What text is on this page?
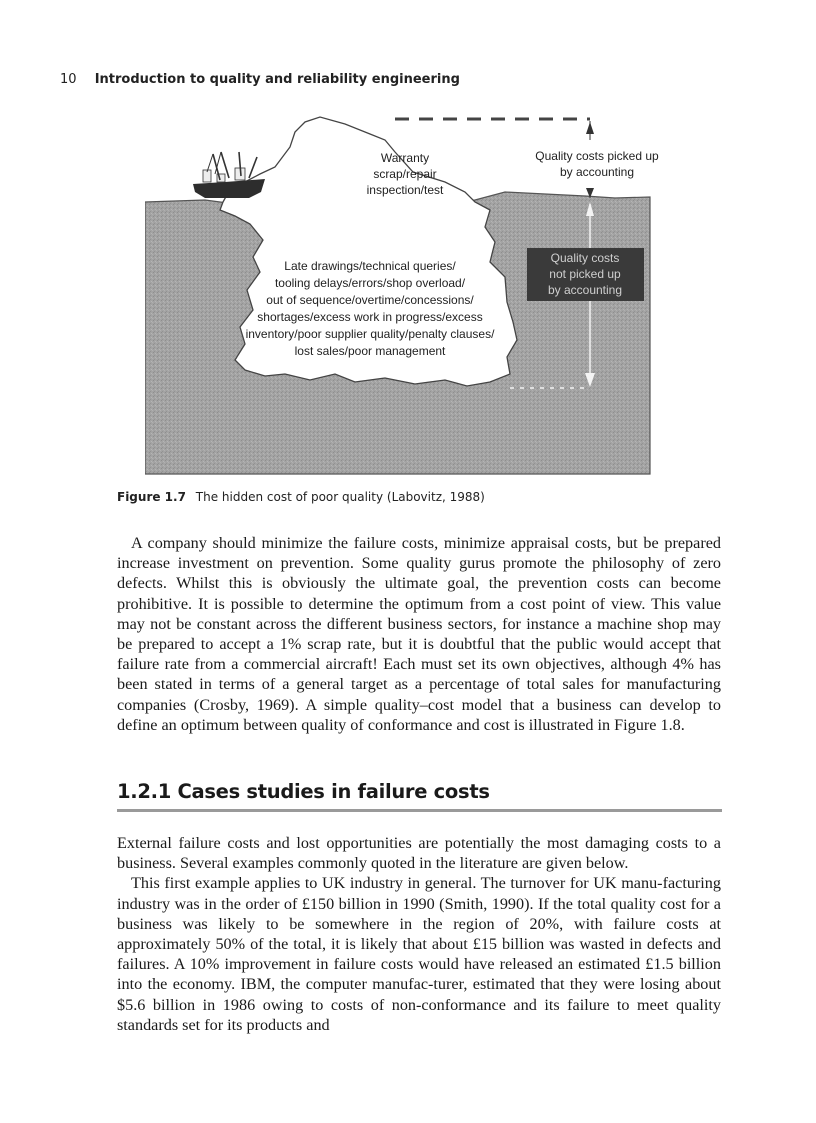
10 Introduction to quality and reliability engineering
Quality costs
not picked up
by accounting
Quality costs picked up
by accounting
Warranty
scrap/repair
inspection/test
Late drawings/technical queries/
tooling delays/errors/shop overload/
out of sequence/overtime/concessions/
shortages/excess work in progress/excess
inventory/poor supplier quality/penalty clauses/
lost sales/poor management
Figure 1.7 The hidden cost of poor quality (Labovitz, 1988)

A company should minimize the failure costs, minimize appraisal costs, but be prepared increase investment on prevention. Some quality gurus promote the philosophy of zero defects. Whilst this is obviously the ultimate goal, the prevention costs can become prohibitive. It is possible to determine the optimum from a cost point of view. This value may not be constant across the different business sectors, for instance a machine shop may be prepared to accept a 1% scrap rate, but it is doubtful that the public would accept that failure rate from a commercial aircraft! Each must set its own objectives, although 4% has been stated in terms of a general target as a percentage of total sales for manufacturing companies (Crosby, 1969). A simple quality–cost model that a business can develop to define an optimum between quality of conformance and cost is illustrated in Figure 1.8.

1.2.1 Cases studies in failure costs

External failure costs and lost opportunities are potentially the most damaging costs to a business. Several examples commonly quoted in the literature are given below.

This first example applies to UK industry in general. The turnover for UK manu-facturing industry was in the order of £150 billion in 1990 (Smith, 1990). If the total quality cost for a business was likely to be somewhere in the region of 20%, with failure costs at approximately 50% of the total, it is likely that about £15 billion was wasted in defects and failures. A 10% improvement in failure costs would have released an estimated £1.5 billion into the economy. IBM, the computer manufac-turer, estimated that they were losing about $5.6 billion in 1986 owing to costs of non-conformance and its failure to meet quality standards set for its products and
